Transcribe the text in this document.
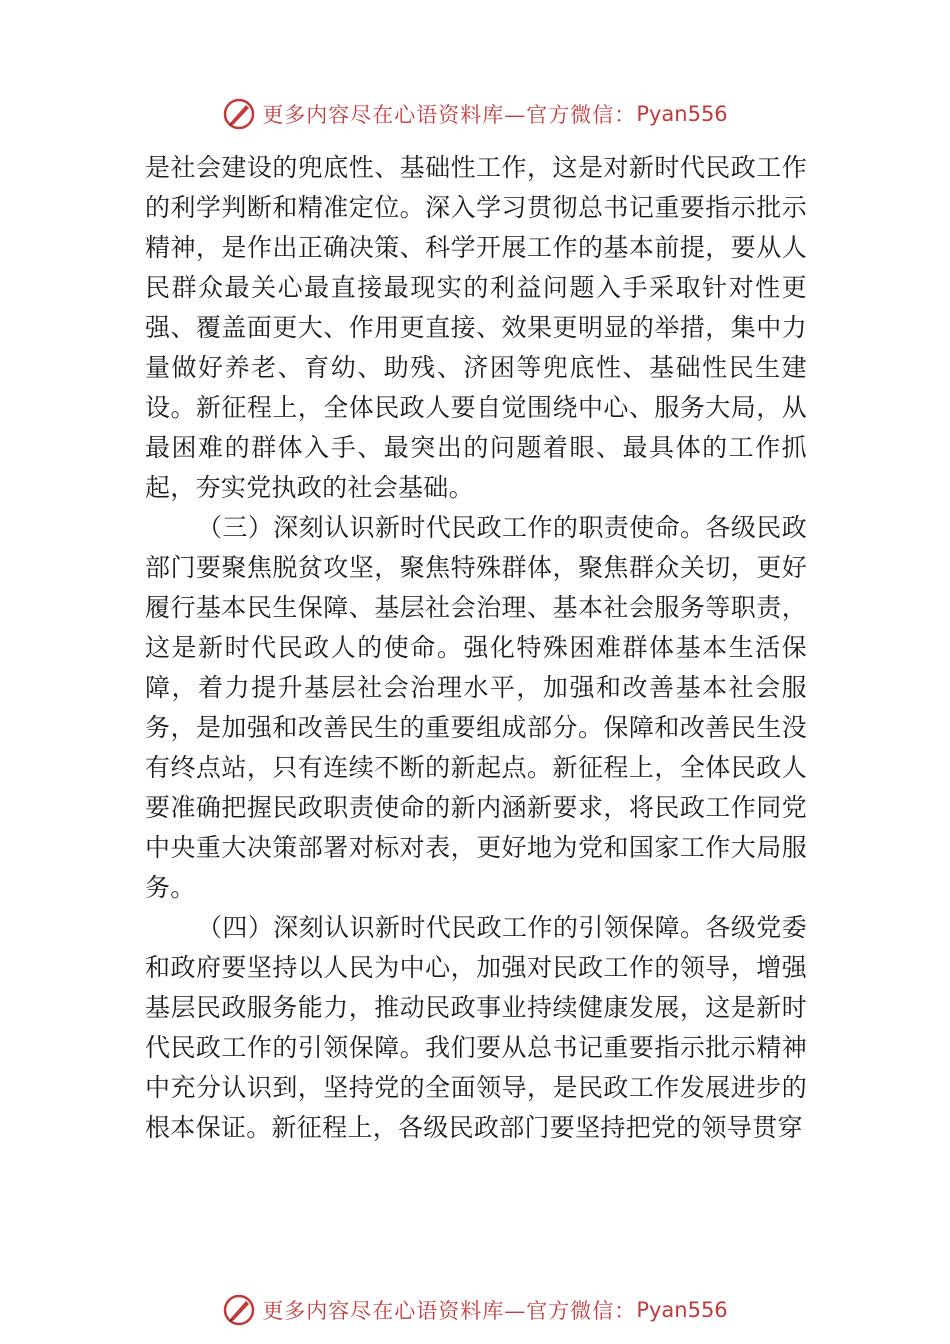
更多内容尽在心语资料库—官方微信： Pyan556

是社会建设的兜底性、基础性工作，这是对新时代民政工作的利学判断和精准定位。深入学习贯彻总书记重要指示批示精神，是作出正确决策、科学开展工作的基本前提，要从人民群众最关心最直接最现实的利益问题入手采取针对性更强、覆盖面更大、作用更直接、效果更明显的举措，集中力量做好养老、育幼、助残、济困等兜底性、基础性民生建设。新征程上，全体民政人要自觉围绕中心、服务大局，从最困难的群体入手、最突出的问题着眼、最具体的工作抓起，夯实党执政的社会基础。

（三）深刻认识新时代民政工作的职责使命。各级民政部门要聚焦脱贫攻坚，聚焦特殊群体，聚焦群众关切，更好履行基本民生保障、基层社会治理、基本社会服务等职责，这是新时代民政人的使命。强化特殊困难群体基本生活保障，着力提升基层社会治理水平，加强和改善基本社会服务，是加强和改善民生的重要组成部分。保障和改善民生没有终点站，只有连续不断的新起点。新征程上，全体民政人要准确把握民政职责使命的新内涵新要求，将民政工作同党中央重大决策部署对标对表，更好地为党和国家工作大局服务。

（四）深刻认识新时代民政工作的引领保障。各级党委和政府要坚持以人民为中心，加强对民政工作的领导，增强基层民政服务能力，推动民政事业持续健康发展，这是新时代民政工作的引领保障。我们要从总书记重要指示批示精神中充分认识到，坚持党的全面领导，是民政工作发展进步的根本保证。新征程上，各级民政部门要坚持把党的领导贯穿

更多内容尽在心语资料库—官方微信： Pyan556
